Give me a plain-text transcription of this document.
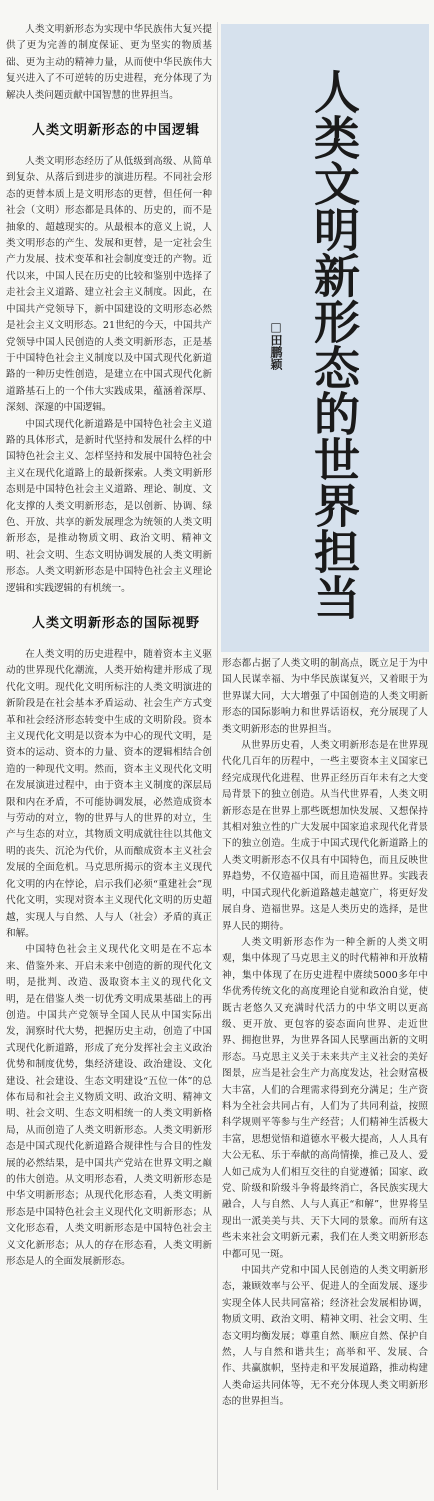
人类文明新形态为实现中华民族伟大复兴提供了更为完善的制度保证、更为坚实的物质基础、更为主动的精神力量，从而使中华民族伟大复兴进入了不可逆转的历史进程，充分体现了为解决人类问题贡献中国智慧的世界担当。

人类文明新形态的中国逻辑

人类文明形态经历了从低级到高级、从简单到复杂、从落后到进步的演进历程。不同社会形态的更替本质上是文明形态的更替，但任何一种社会（文明）形态都是具体的、历史的，而不是抽象的、超越现实的。从最根本的意义上说，人类文明形态的产生、发展和更替，是一定社会生产力发展、技术变革和社会制度变迁的产物。近代以来，中国人民在历史的比较和鉴别中选择了走社会主义道路、建立社会主义制度。因此，在中国共产党领导下，新中国建设的文明形态必然是社会主义文明形态。21世纪的今天，中国共产党领导中国人民创造的人类文明新形态，正是基于中国特色社会主义制度以及中国式现代化新道路的一种历史性创造，是建立在中国式现代化新道路基石上的一个伟大实践成果，蕴涵着深厚、深刻、深邃的中国逻辑。

中国式现代化新道路是中国特色社会主义道路的具体形式，是新时代坚持和发展什么样的中国特色社会主义、怎样坚持和发展中国特色社会主义在现代化道路上的最新探索。人类文明新形态则是中国特色社会主义道路、理论、制度、文化支撑的人类文明新形态，是以创新、协调、绿色、开放、共享的新发展理念为统领的人类文明新形态，是推动物质文明、政治文明、精神文明、社会文明、生态文明协调发展的人类文明新形态。人类文明新形态是中国特色社会主义理论逻辑和实践逻辑的有机统一。

人类文明新形态的国际视野

在人类文明的历史进程中，随着资本主义驱动的世界现代化潮流，人类开始构建并形成了现代化文明。现代化文明所标注的人类文明演进的新阶段是在社会基本矛盾运动、社会生产方式变革和社会经济形态转变中生成的文明阶段。资本主义现代化文明是以资本为中心的现代文明，是资本的运动、资本的力量、资本的逻辑相结合创造的一种现代文明。然而，资本主义现代化文明在发展演进过程中，由于资本主义制度的深层局限和内在矛盾，不可能协调发展，必然造成资本与劳动的对立，物的世界与人的世界的对立，生产与生态的对立，其物质文明成就往往以其他文明的丧失、沉沦为代价，从而酿成资本主义社会发展的全面危机。马克思所揭示的资本主义现代化文明的内在悖论，启示我们必须“重建社会”现代化文明，实现对资本主义现代化文明的历史超越，实现人与自然、人与人（社会）矛盾的真正和解。

中国特色社会主义现代化文明是在不忘本来、借鉴外来、开启未来中创造的新的现代化文明，是批判、改造、汲取资本主义的现代化文明，是在借鉴人类一切优秀文明成果基础上的再创造。中国共产党领导全国人民从中国实际出发，洞察时代大势，把握历史主动，创造了中国式现代化新道路，形成了充分发挥社会主义政治优势和制度优势，集经济建设、政治建设、文化建设、社会建设、生态文明建设“五位一体”的总体布局和社会主义物质文明、政治文明、精神文明、社会文明、生态文明相统一的人类文明新格局，从而创造了人类文明新形态。人类文明新形态是中国式现代化新道路合规律性与合目的性发展的必然结果，是中国共产党站在世界文明之巅的伟大创造。从文明形态看，人类文明新形态是中华文明新形态；从现代化形态看，人类文明新形态是中国特色社会主义现代化文明新形态；从文化形态看，人类文明新形态是中国特色社会主义文化新形态；从人的存在形态看，人类文明新形态是人的全面发展新形态。

人类文明新形态的世界担当
□田鹏颖

形态都占据了人类文明的制高点，既立足于为中国人民谋幸福、为中华民族谋复兴，又着眼于为世界谋大同，大大增强了中国创造的人类文明新形态的国际影响力和世界话语权，充分展现了人类文明新形态的世界担当。

从世界历史看，人类文明新形态是在世界现代化几百年的历程中，一些主要资本主义国家已经完成现代化进程、世界正经历百年未有之大变局背景下的独立创造。从当代世界看，人类文明新形态是在世界上那些既想加快发展、又想保持其相对独立性的广大发展中国家追求现代化背景下的独立创造。生成于中国式现代化新道路上的人类文明新形态不仅具有中国特色，而且反映世界趋势，不仅造福中国，而且造福世界。实践表明，中国式现代化新道路越走越宽广，将更好发展自身、造福世界。这是人类历史的选择，是世界人民的期待。

人类文明新形态作为一种全新的人类文明观，集中体现了马克思主义的时代精神和开放精神，集中体现了在历史进程中赓续5000多年中华优秀传统文化的高度理论自觉和政治自觉，使既古老悠久又充满时代活力的中华文明以更高级、更开放、更包容的姿态面向世界、走近世界、拥抱世界，为世界各国人民擘画出新的文明形态。马克思主义关于未来共产主义社会的美好图景，应当是社会生产力高度发达，社会财富极大丰富，人们的合理需求得到充分满足；生产资料为全社会共同占有，人们为了共同利益，按照科学规则平等参与生产经营；人们精神生活极大丰富，思想觉悟和道德水平极大提高，人人具有大公无私、乐于奉献的高尚情操，推己及人、爱人如己成为人们相互交往的自觉遵循；国家、政党、阶级和阶级斗争将最终消亡，各民族实现大融合，人与自然、人与人真正“和解”，世界将呈现出一派美美与共、天下大同的景象。而所有这些未来社会文明新元素，我们在人类文明新形态中都可见一斑。

中国共产党和中国人民创造的人类文明新形态，兼顾效率与公平、促进人的全面发展、逐步实现全体人民共同富裕；经济社会发展相协调，物质文明、政治文明、精神文明、社会文明、生态文明均衡发展；尊重自然、顺应自然、保护自然，人与自然和谐共生；高举和平、发展、合作、共赢旗帜，坚持走和平发展道路，推动构建人类命运共同体等，无不充分体现人类文明新形态的世界担当。
